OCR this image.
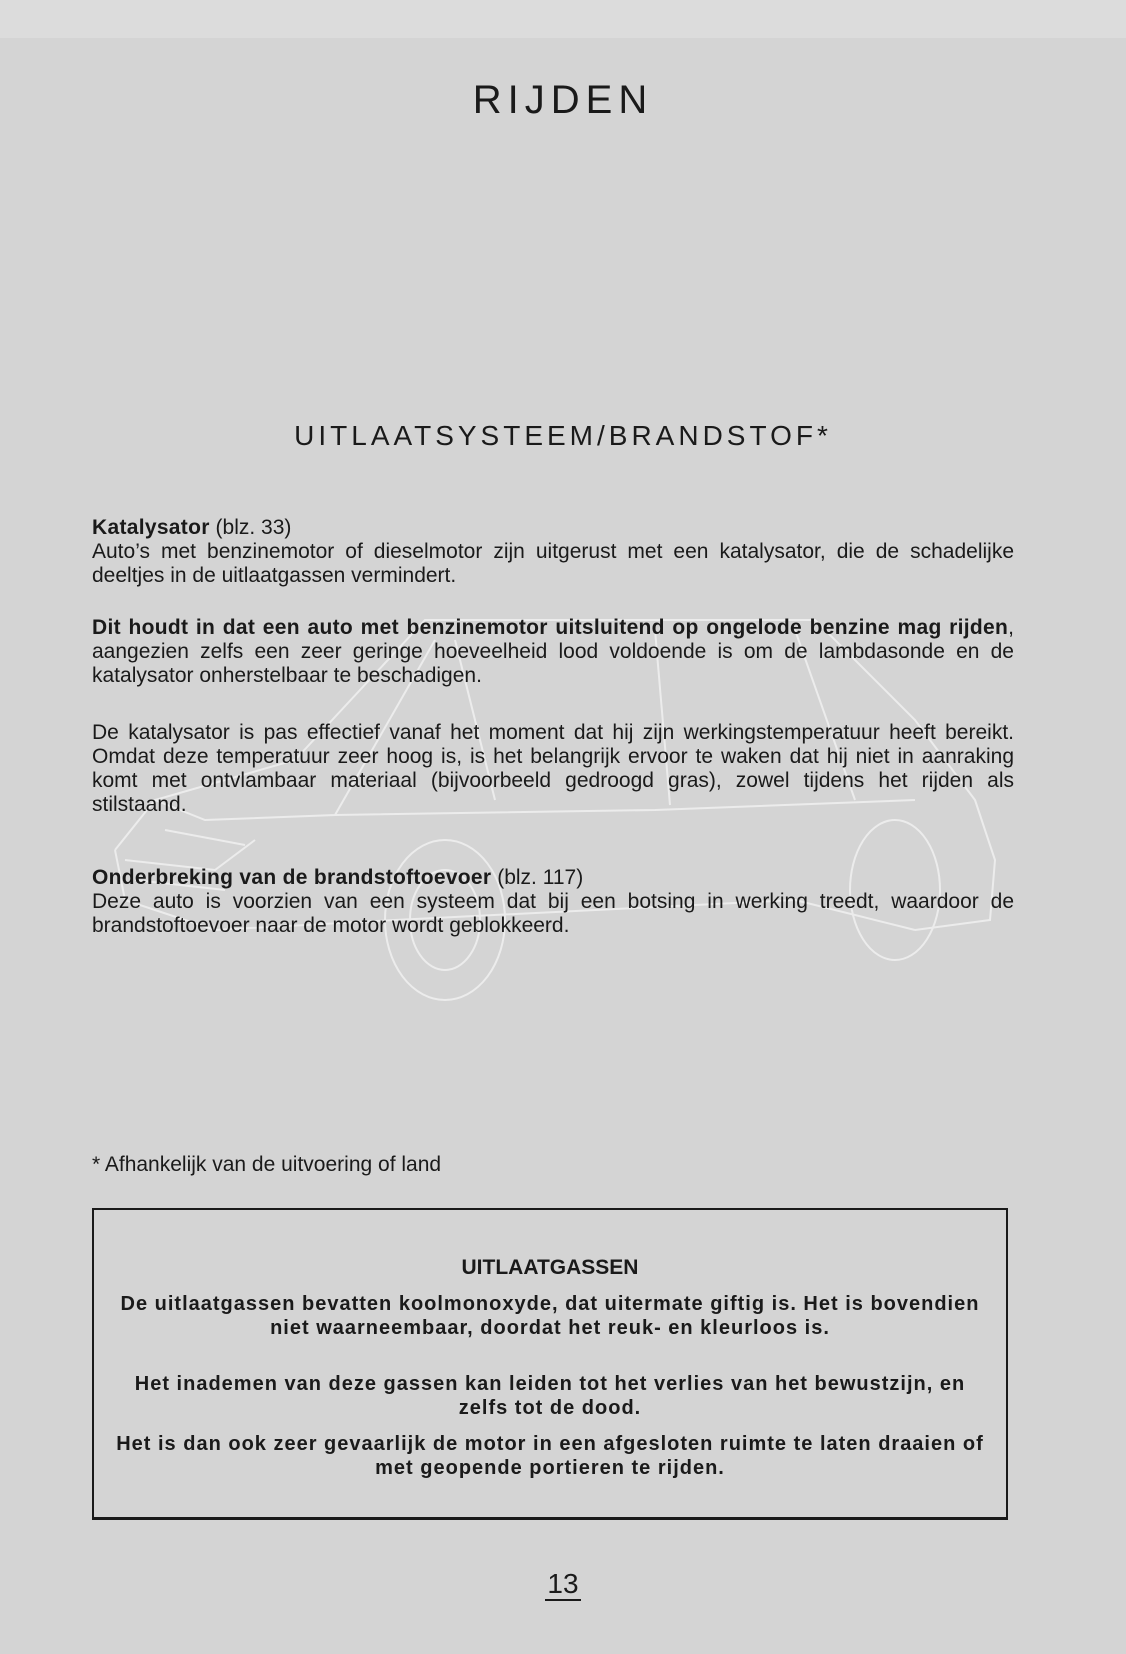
RIJDEN
UITLAATSYSTEEM/BRANDSTOF*

Katalysator (blz. 33)

Auto’s met benzinemotor of dieselmotor zijn uitgerust met een katalysator, die de schadelijke deeltjes in de uitlaatgassen vermindert.

Dit houdt in dat een auto met benzinemotor uitsluitend op ongelode benzine mag rijden, aangezien zelfs een zeer geringe hoeveelheid lood voldoende is om de lambdasonde en de katalysator onherstelbaar te beschadigen.

De katalysator is pas effectief vanaf het moment dat hij zijn werkingstemperatuur heeft bereikt. Omdat deze temperatuur zeer hoog is, is het belangrijk ervoor te waken dat hij niet in aanraking komt met ontvlambaar materiaal (bijvoorbeeld gedroogd gras), zowel tijdens het rijden als stilstaand.

Onderbreking van de brandstoftoevoer (blz. 117)

Deze auto is voorzien van een systeem dat bij een botsing in werking treedt, waardoor de brandstoftoevoer naar de motor wordt geblokkeerd.

* Afhankelijk van de uitvoering of land
UITLAATGASSEN

De uitlaatgassen bevatten koolmonoxyde, dat uitermate giftig is. Het is bovendien niet waarneembaar, doordat het reuk- en kleurloos is.

Het inademen van deze gassen kan leiden tot het verlies van het bewustzijn, en zelfs tot de dood.

Het is dan ook zeer gevaarlijk de motor in een afgesloten ruimte te laten draaien of met geopende portieren te rijden.

13
